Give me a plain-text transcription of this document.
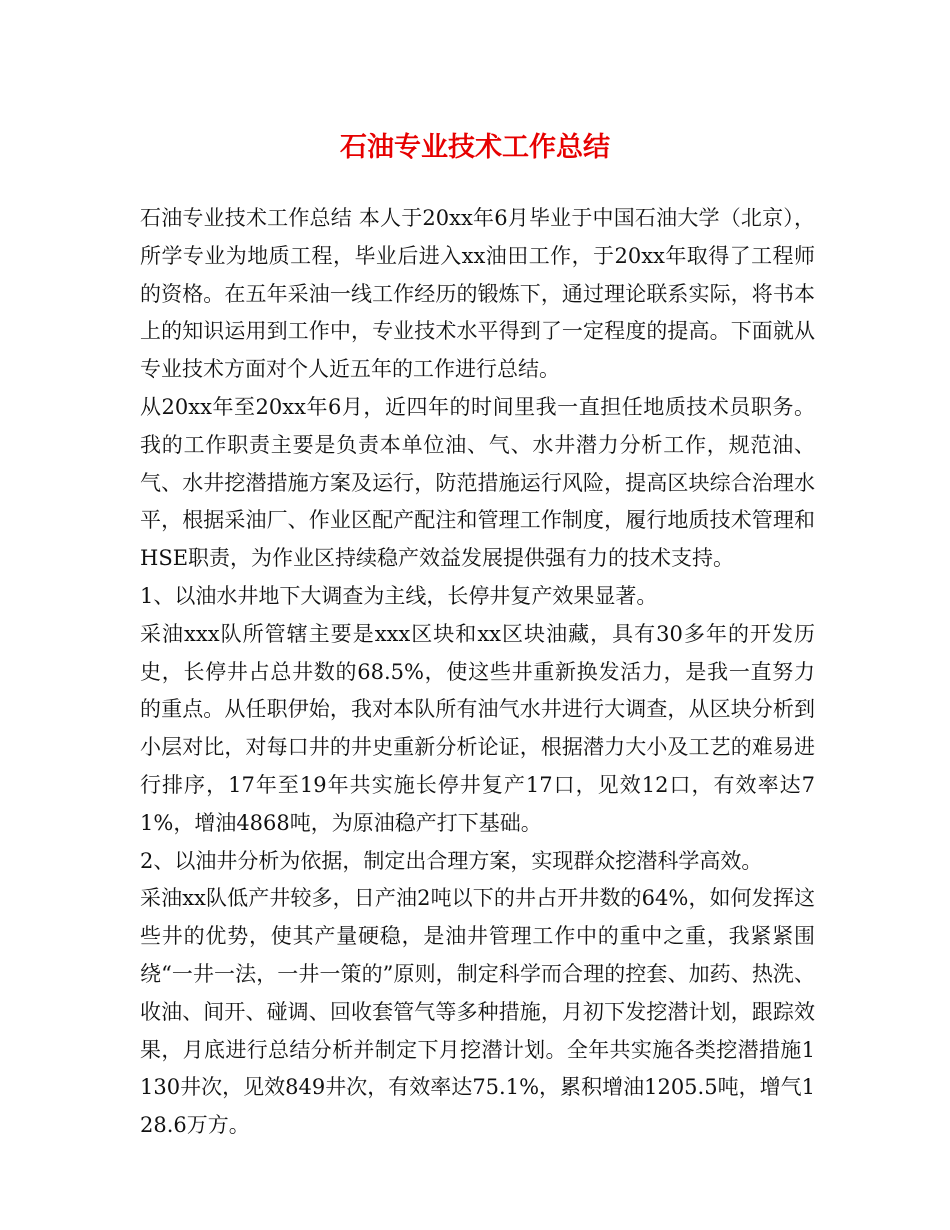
石油专业技术工作总结

石油专业技术工作总结 本人于20xx年6月毕业于中国石油大学（北京），所学专业为地质工程，毕业后进入xx油田工作，于20xx年取得了工程师的资格。在五年采油一线工作经历的锻炼下，通过理论联系实际，将书本上的知识运用到工作中，专业技术水平得到了一定程度的提高。下面就从专业技术方面对个人近五年的工作进行总结。

从20xx年至20xx年6月，近四年的时间里我一直担任地质技术员职务。我的工作职责主要是负责本单位油、气、水井潜力分析工作，规范油、气、水井挖潜措施方案及运行，防范措施运行风险，提高区块综合治理水平，根据采油厂、作业区配产配注和管理工作制度，履行地质技术管理和HSE职责，为作业区持续稳产效益发展提供强有力的技术支持。

1、以油水井地下大调查为主线，长停井复产效果显著。

采油xxx队所管辖主要是xxx区块和xx区块油藏，具有30多年的开发历史，长停井占总井数的68.5%，使这些井重新换发活力，是我一直努力的重点。从任职伊始，我对本队所有油气水井进行大调查，从区块分析到小层对比，对每口井的井史重新分析论证，根据潜力大小及工艺的难易进行排序，17年至19年共实施长停井复产17口，见效12口，有效率达71%，增油4868吨，为原油稳产打下基础。

2、以油井分析为依据，制定出合理方案，实现群众挖潜科学高效。

采油xx队低产井较多，日产油2吨以下的井占开井数的64%，如何发挥这些井的优势，使其产量硬稳，是油井管理工作中的重中之重，我紧紧围绕“一井一法，一井一策的”原则，制定科学而合理的控套、加药、热洗、收油、间开、碰调、回收套管气等多种措施，月初下发挖潜计划，跟踪效果，月底进行总结分析并制定下月挖潜计划。全年共实施各类挖潜措施1130井次，见效849井次，有效率达75.1%，累积增油1205.5吨，增气128.6万方。
